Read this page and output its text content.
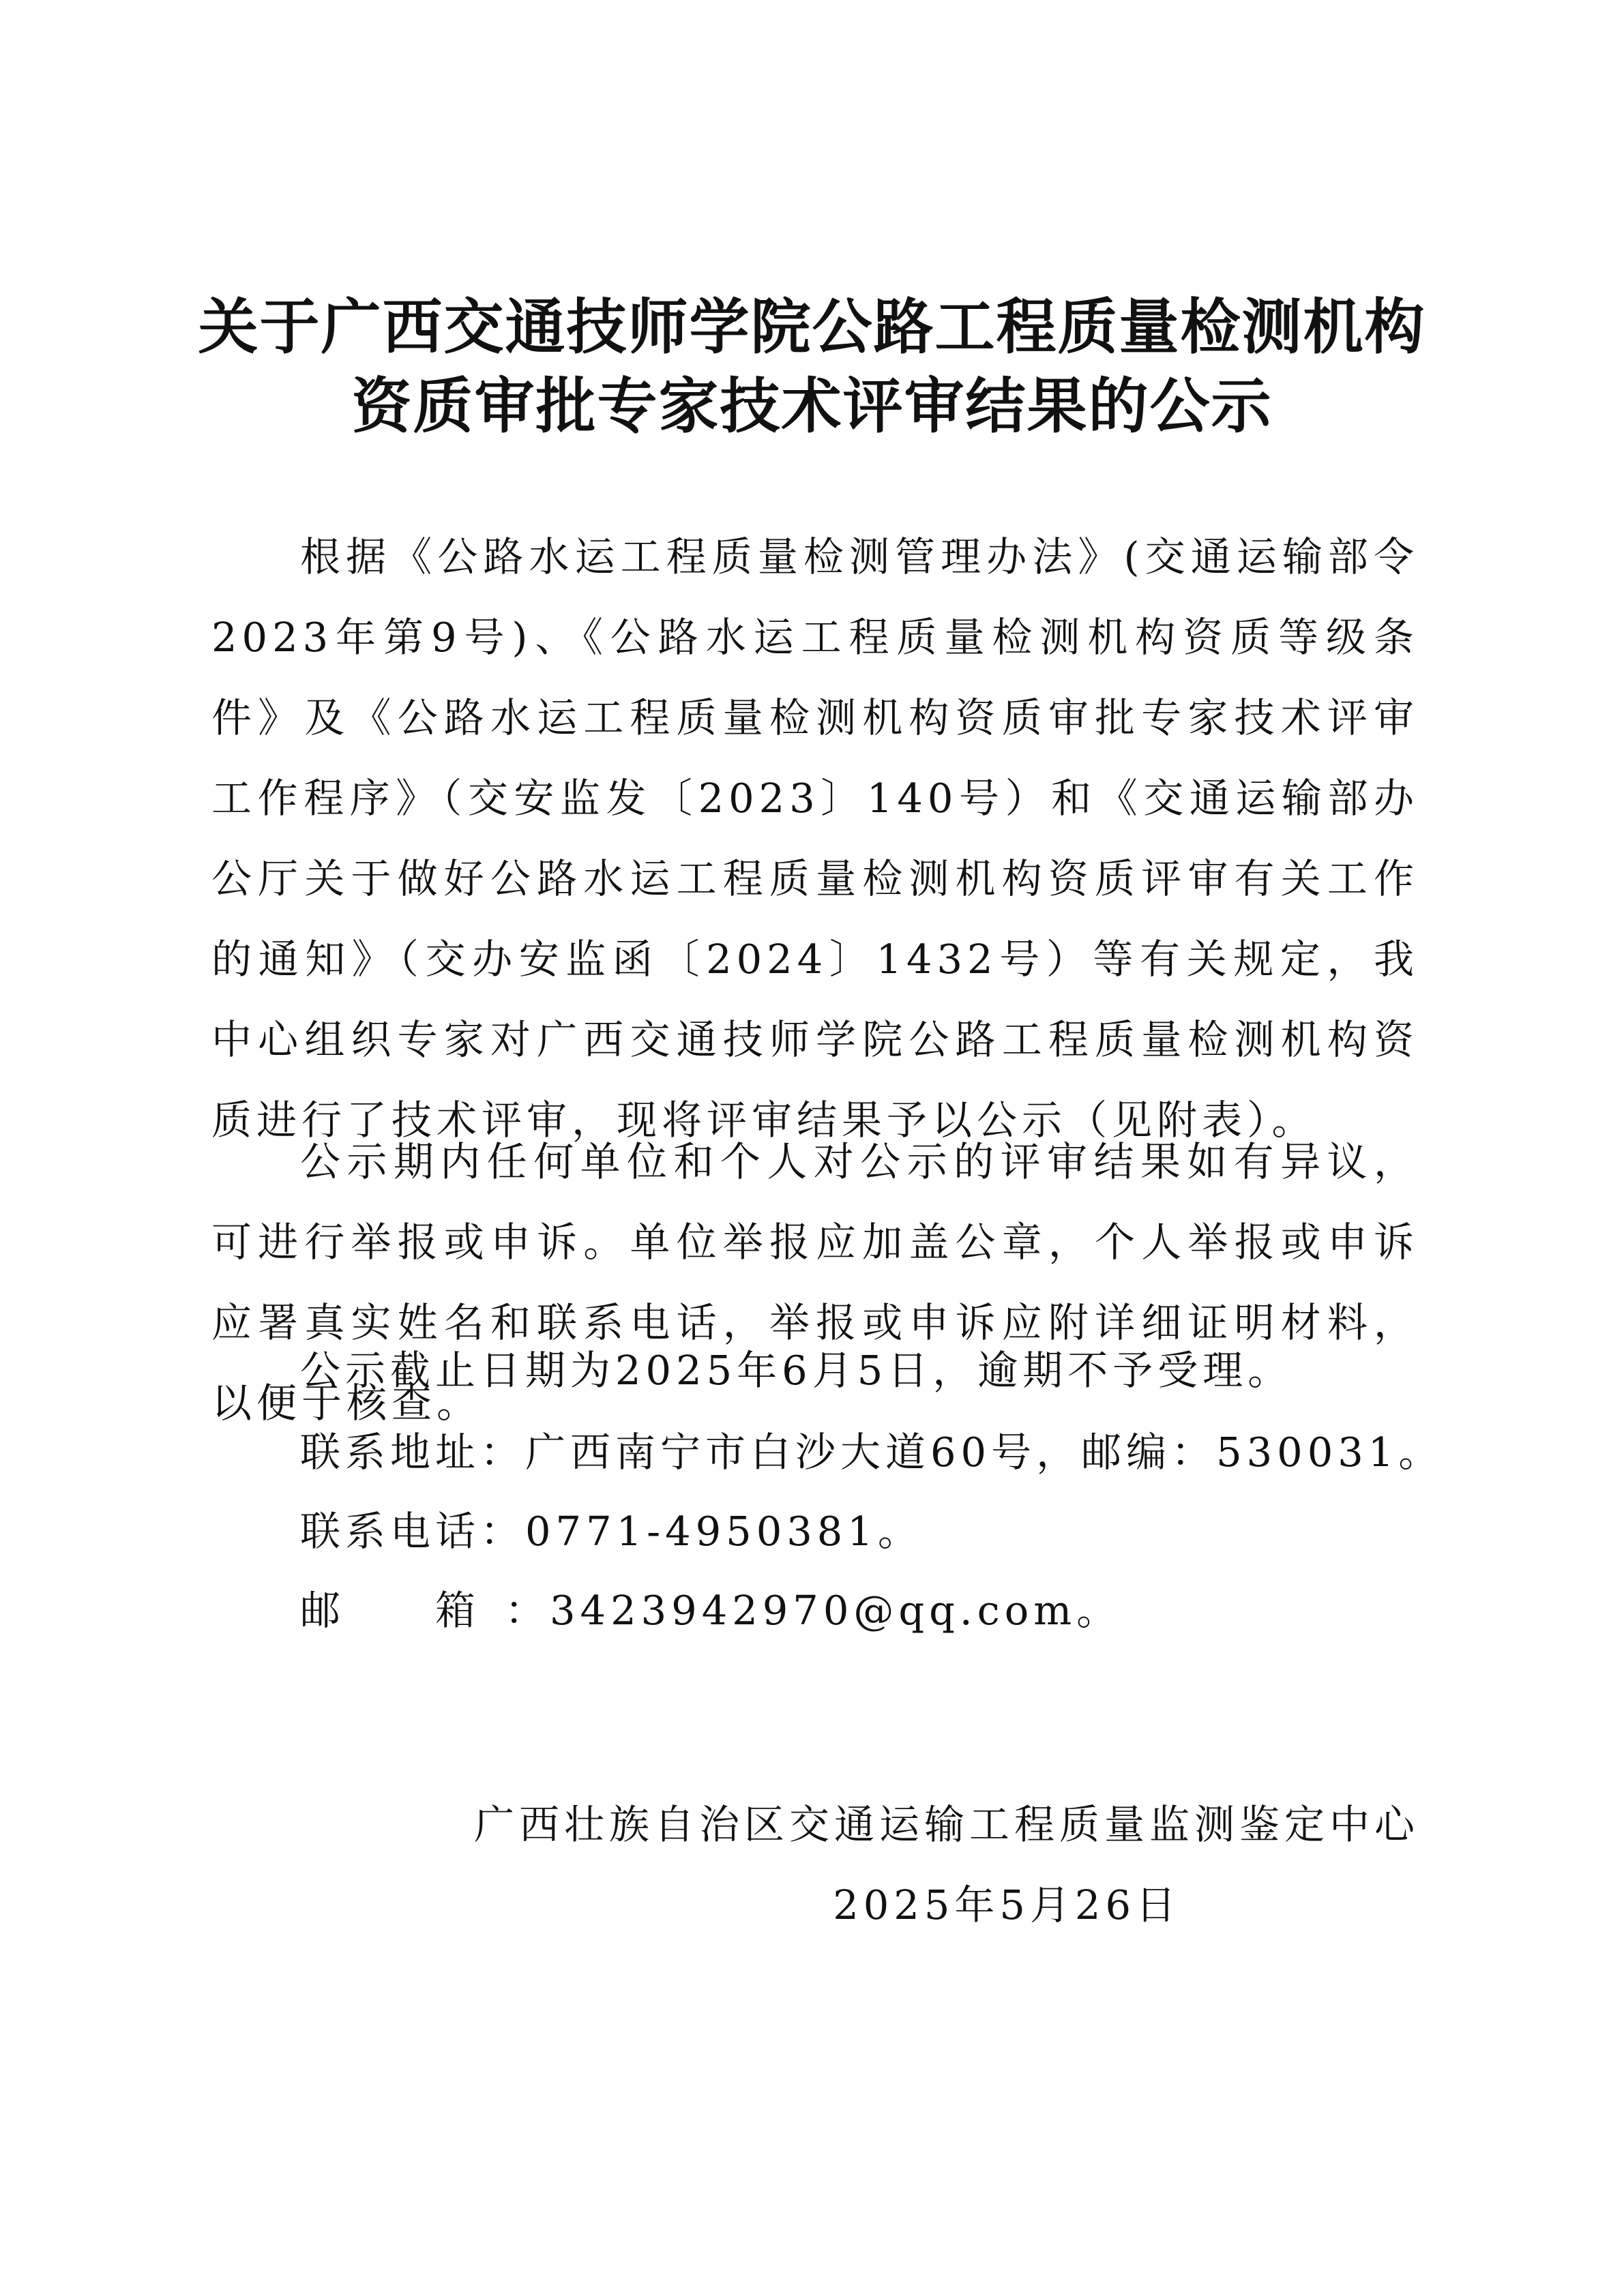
关于广西交通技师学院公路工程质量检测机构
资质审批专家技术评审结果的公示

根据《公路水运工程质量检测管理办法》(交通运输部令2023年第9号)、《公路水运工程质量检测机构资质等级条件》及《公路水运工程质量检测机构资质审批专家技术评审工作程序》（交安监发〔2023〕140号）和《交通运输部办公厅关于做好公路水运工程质量检测机构资质评审有关工作的通知》（交办安监函〔2024〕1432号）等有关规定，我中心组织专家对广西交通技师学院公路工程质量检测机构资质进行了技术评审，现将评审结果予以公示（见附表）。

公示期内任何单位和个人对公示的评审结果如有异议，可进行举报或申诉。单位举报应加盖公章，个人举报或申诉应署真实姓名和联系电话，举报或申诉应附详细证明材料，以便于核查。

公示截止日期为2025年6月5日，逾期不予受理。

联系地址：广西南宁市白沙大道60号，邮编：530031。

联系电话：0771-4950381。

邮　　箱 ：3423942970@qq.com。

广西壮族自治区交通运输工程质量监测鉴定中心

2025年5月26日
